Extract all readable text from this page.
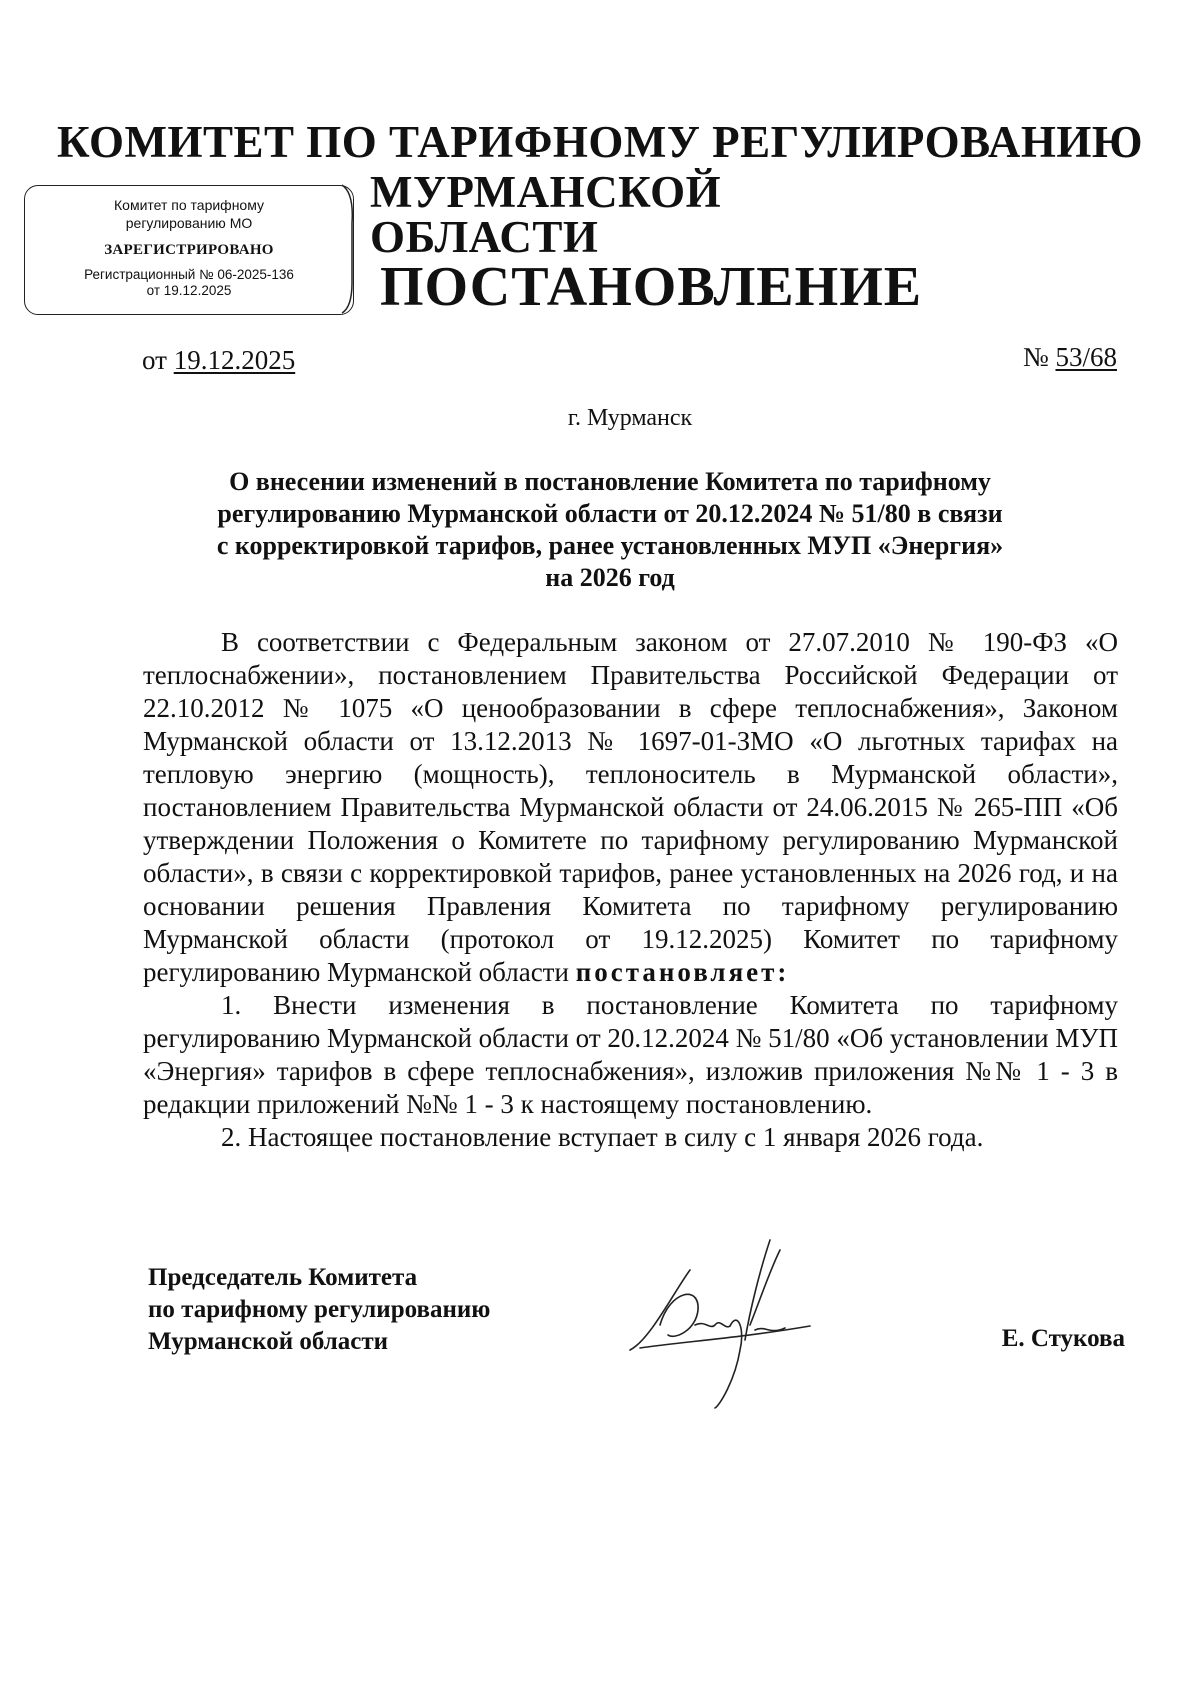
КОМИТЕТ ПО ТАРИФНОМУ РЕГУЛИРОВАНИЮ
МУРМАНСКОЙ ОБЛАСТИ
Комитет по тарифному
регулированию МО
ЗАРЕГИСТРИРОВАНО
Регистрационный № 06-2025-136
от 19.12.2025	ПОСТАНОВЛЕНИЕ
от 19.12.2025	№ 53/68
г. Мурманск
О внесении изменений в постановление Комитета по тарифному
регулированию Мурманской области от 20.12.2024 № 51/80 в связи
с корректировкой тарифов, ранее установленных МУП «Энергия»
на 2026 год

В соответствии с Федеральным законом от 27.07.2010 № 190-ФЗ «О теплоснабжении», постановлением Правительства Российской Федерации от 22.10.2012 № 1075 «О ценообразовании в сфере теплоснабжения», Законом Мурманской области от 13.12.2013 № 1697-01-ЗМО «О льготных тарифах на тепловую энергию (мощность), теплоноситель в Мурманской области», постановлением Правительства Мурманской области от 24.06.2015 № 265-ПП «Об утверждении Положения о Комитете по тарифному регулированию Мурманской области», в связи с корректировкой тарифов, ранее установленных на 2026 год, и на основании решения Правления Комитета по тарифному регулированию Мурманской области (протокол от 19.12.2025) Комитет по тарифному регулированию Мурманской области постановляет:

1. Внести изменения в постановление Комитета по тарифному регулированию Мурманской области от 20.12.2024 № 51/80 «Об установлении МУП «Энергия» тарифов в сфере теплоснабжения», изложив приложения №№ 1 - 3 в редакции приложений №№ 1 - 3 к настоящему постановлению.

2. Настоящее постановление вступает в силу с 1 января 2026 года.

Председатель Комитета
по тарифному регулированию
Мурманской области	Е. Стукова
